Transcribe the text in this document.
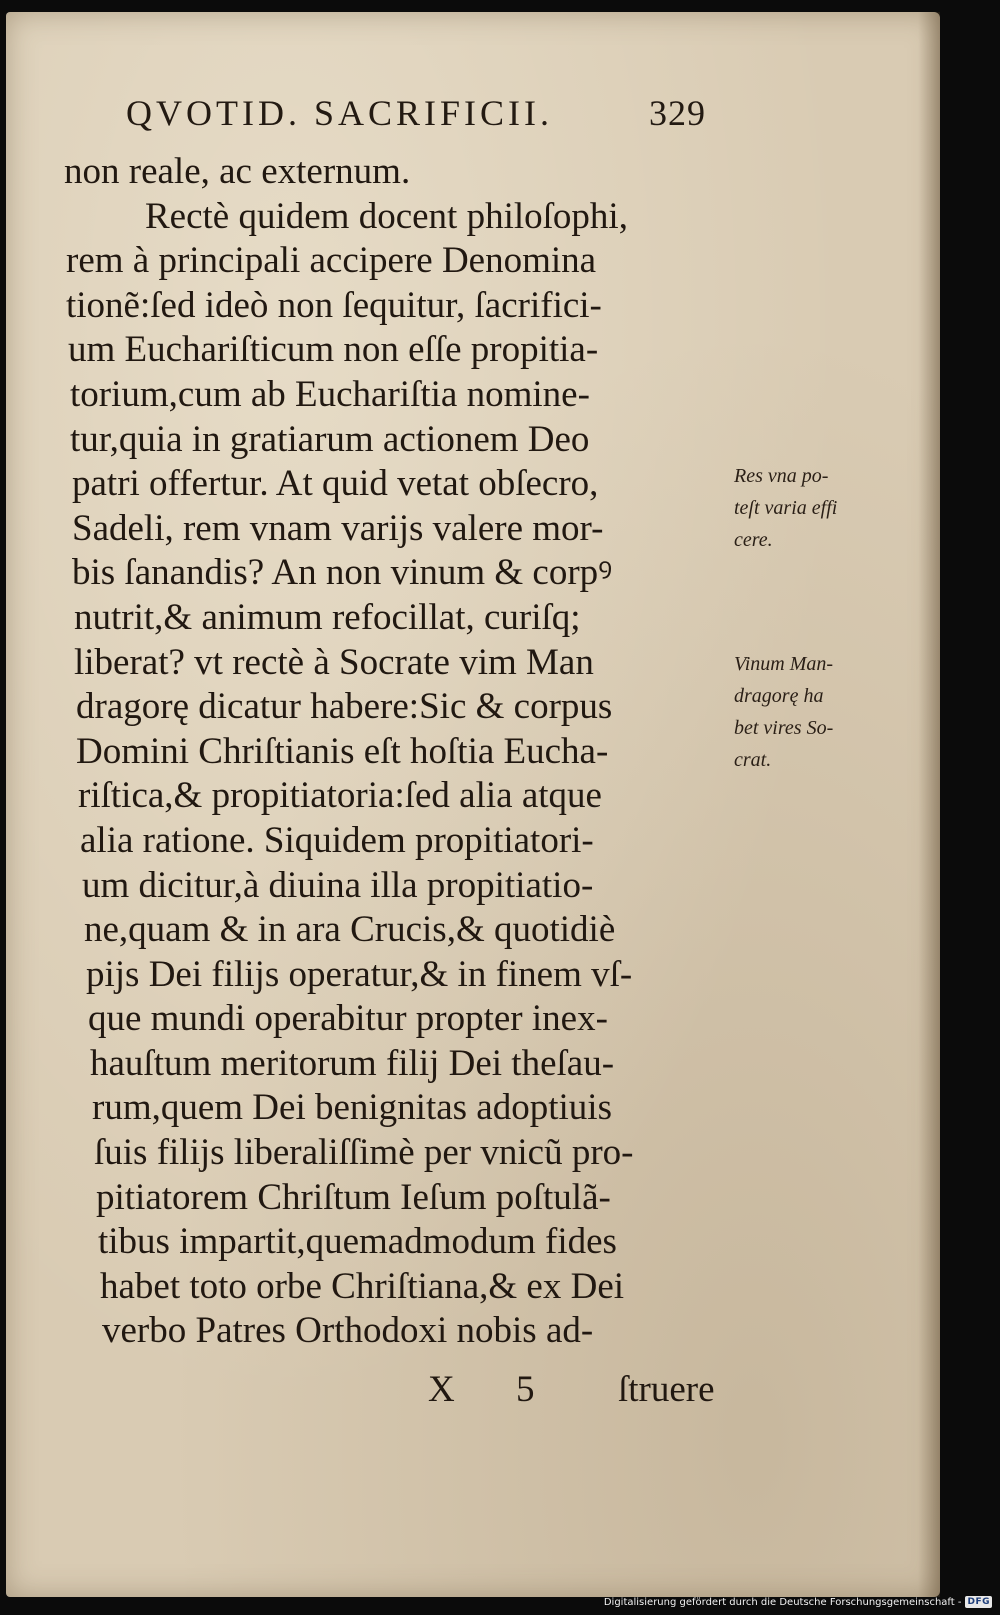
QVOTID. SACRIFICII.	329
non reale, ac externum.
Rectè quidem docent philoſophi,
rem à principali accipere Denomina
tionẽ:ſed ideò non ſequitur, ſacrifici-
um Euchariſticum non eſſe propitia-
torium,cum ab Euchariſtia nomine-
tur,quia in gratiarum actionem Deo
patri offertur. At quid vetat obſecro,
Sadeli, rem vnam varijs valere mor-
bis ſanandis? An non vinum & corpꝰ
nutrit,& animum refocillat, curiſq;
liberat? vt rectè à Socrate vim Man
dragorę dicatur habere:Sic & corpus
Domini Chriſtianis eſt hoſtia Eucha-
riſtica,& propitiatoria:ſed alia atque
alia ratione. Siquidem propitiatori-
um dicitur,à diuina illa propitiatio-
ne,quam & in ara Crucis,& quotidiè
pijs Dei filijs operatur,& in finem vſ-
que mundi operabitur propter inex-
hauſtum meritorum filij Dei theſau-
rum,quem Dei benignitas adoptiuis
ſuis filijs liberaliſſimè per vnicũ pro-
pitiatorem Chriſtum Ieſum poſtulã-
tibus impartit,quemadmodum fides
habet toto orbe Chriſtiana,& ex Dei
verbo Patres Orthodoxi nobis ad-
Res vna po-
teſt varia effi
cere.
Vinum Man-
dragorę ha
bet vires So-
crat.
X 5 ſtruere
Digitalisierung gefördert durch die Deutsche Forschungsgemeinschaft - DFG
